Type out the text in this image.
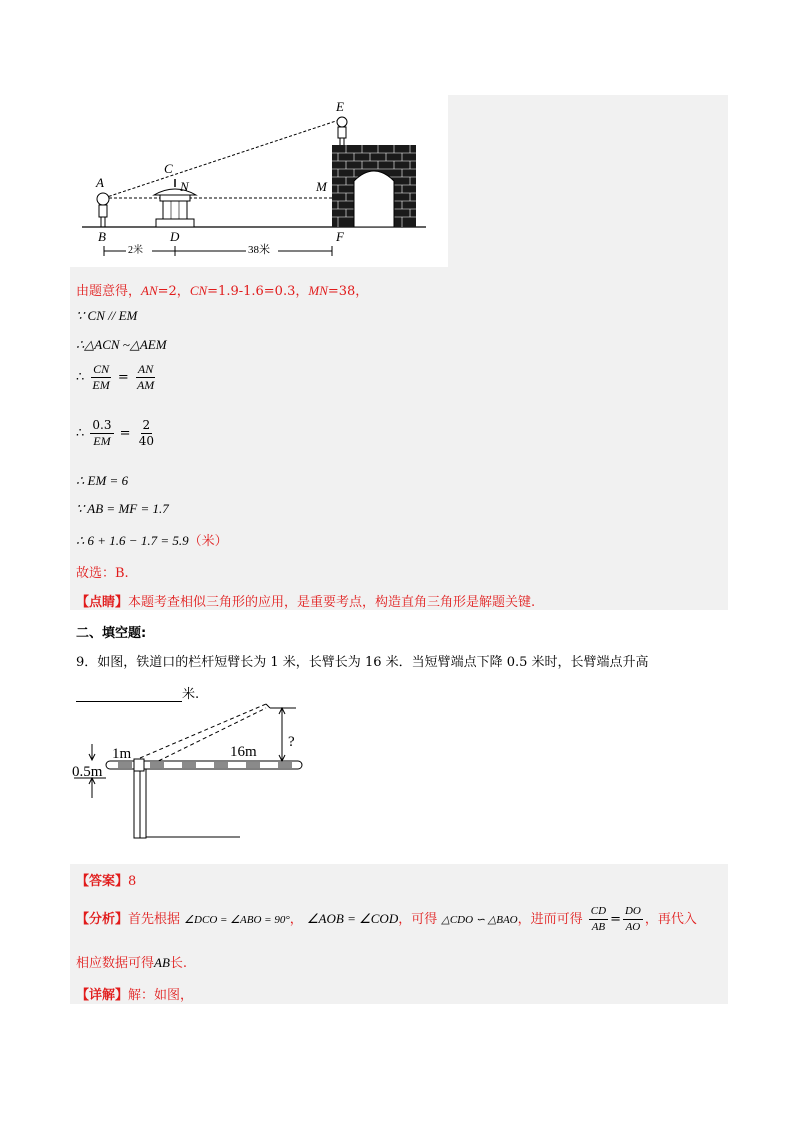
E
C
A	N	M
B	D	F
2米	38米
由题意得，AN=2，CN=1.9-1.6=0.3，MN=38，
∵ CN // EM
∴△ACN ~△AEM
∴ $\frac{CN}{EM} = \frac{AN}{AM}$
∴ $\frac{0.3}{EM} = \frac{2}{40}$
∴ EM = 6
∵ AB = MF = 1.7
∴ 6 + 1.6 − 1.7 = 5.9（米）
故选：B.
【点睛】本题考查相似三角形的应用，是重要考点，构造直角三角形是解题关键.
二、填空题:
9．如图，铁道口的栏杆短臂长为 1 米，长臂长为 16 米．当短臂端点下降 0.5 米时，长臂端点升高
米.
1m	16m
0.5m
?
【答案】8
【分析】首先根据 ∠DCO = ∠ABO = 90°， ∠AOB = ∠COD，可得 △CDO ∽ △BAO，进而可得 $\frac{CD}{AB} = \frac{DO}{AO}$ ，再代入
相应数据可得AB长.
【详解】解：如图，
